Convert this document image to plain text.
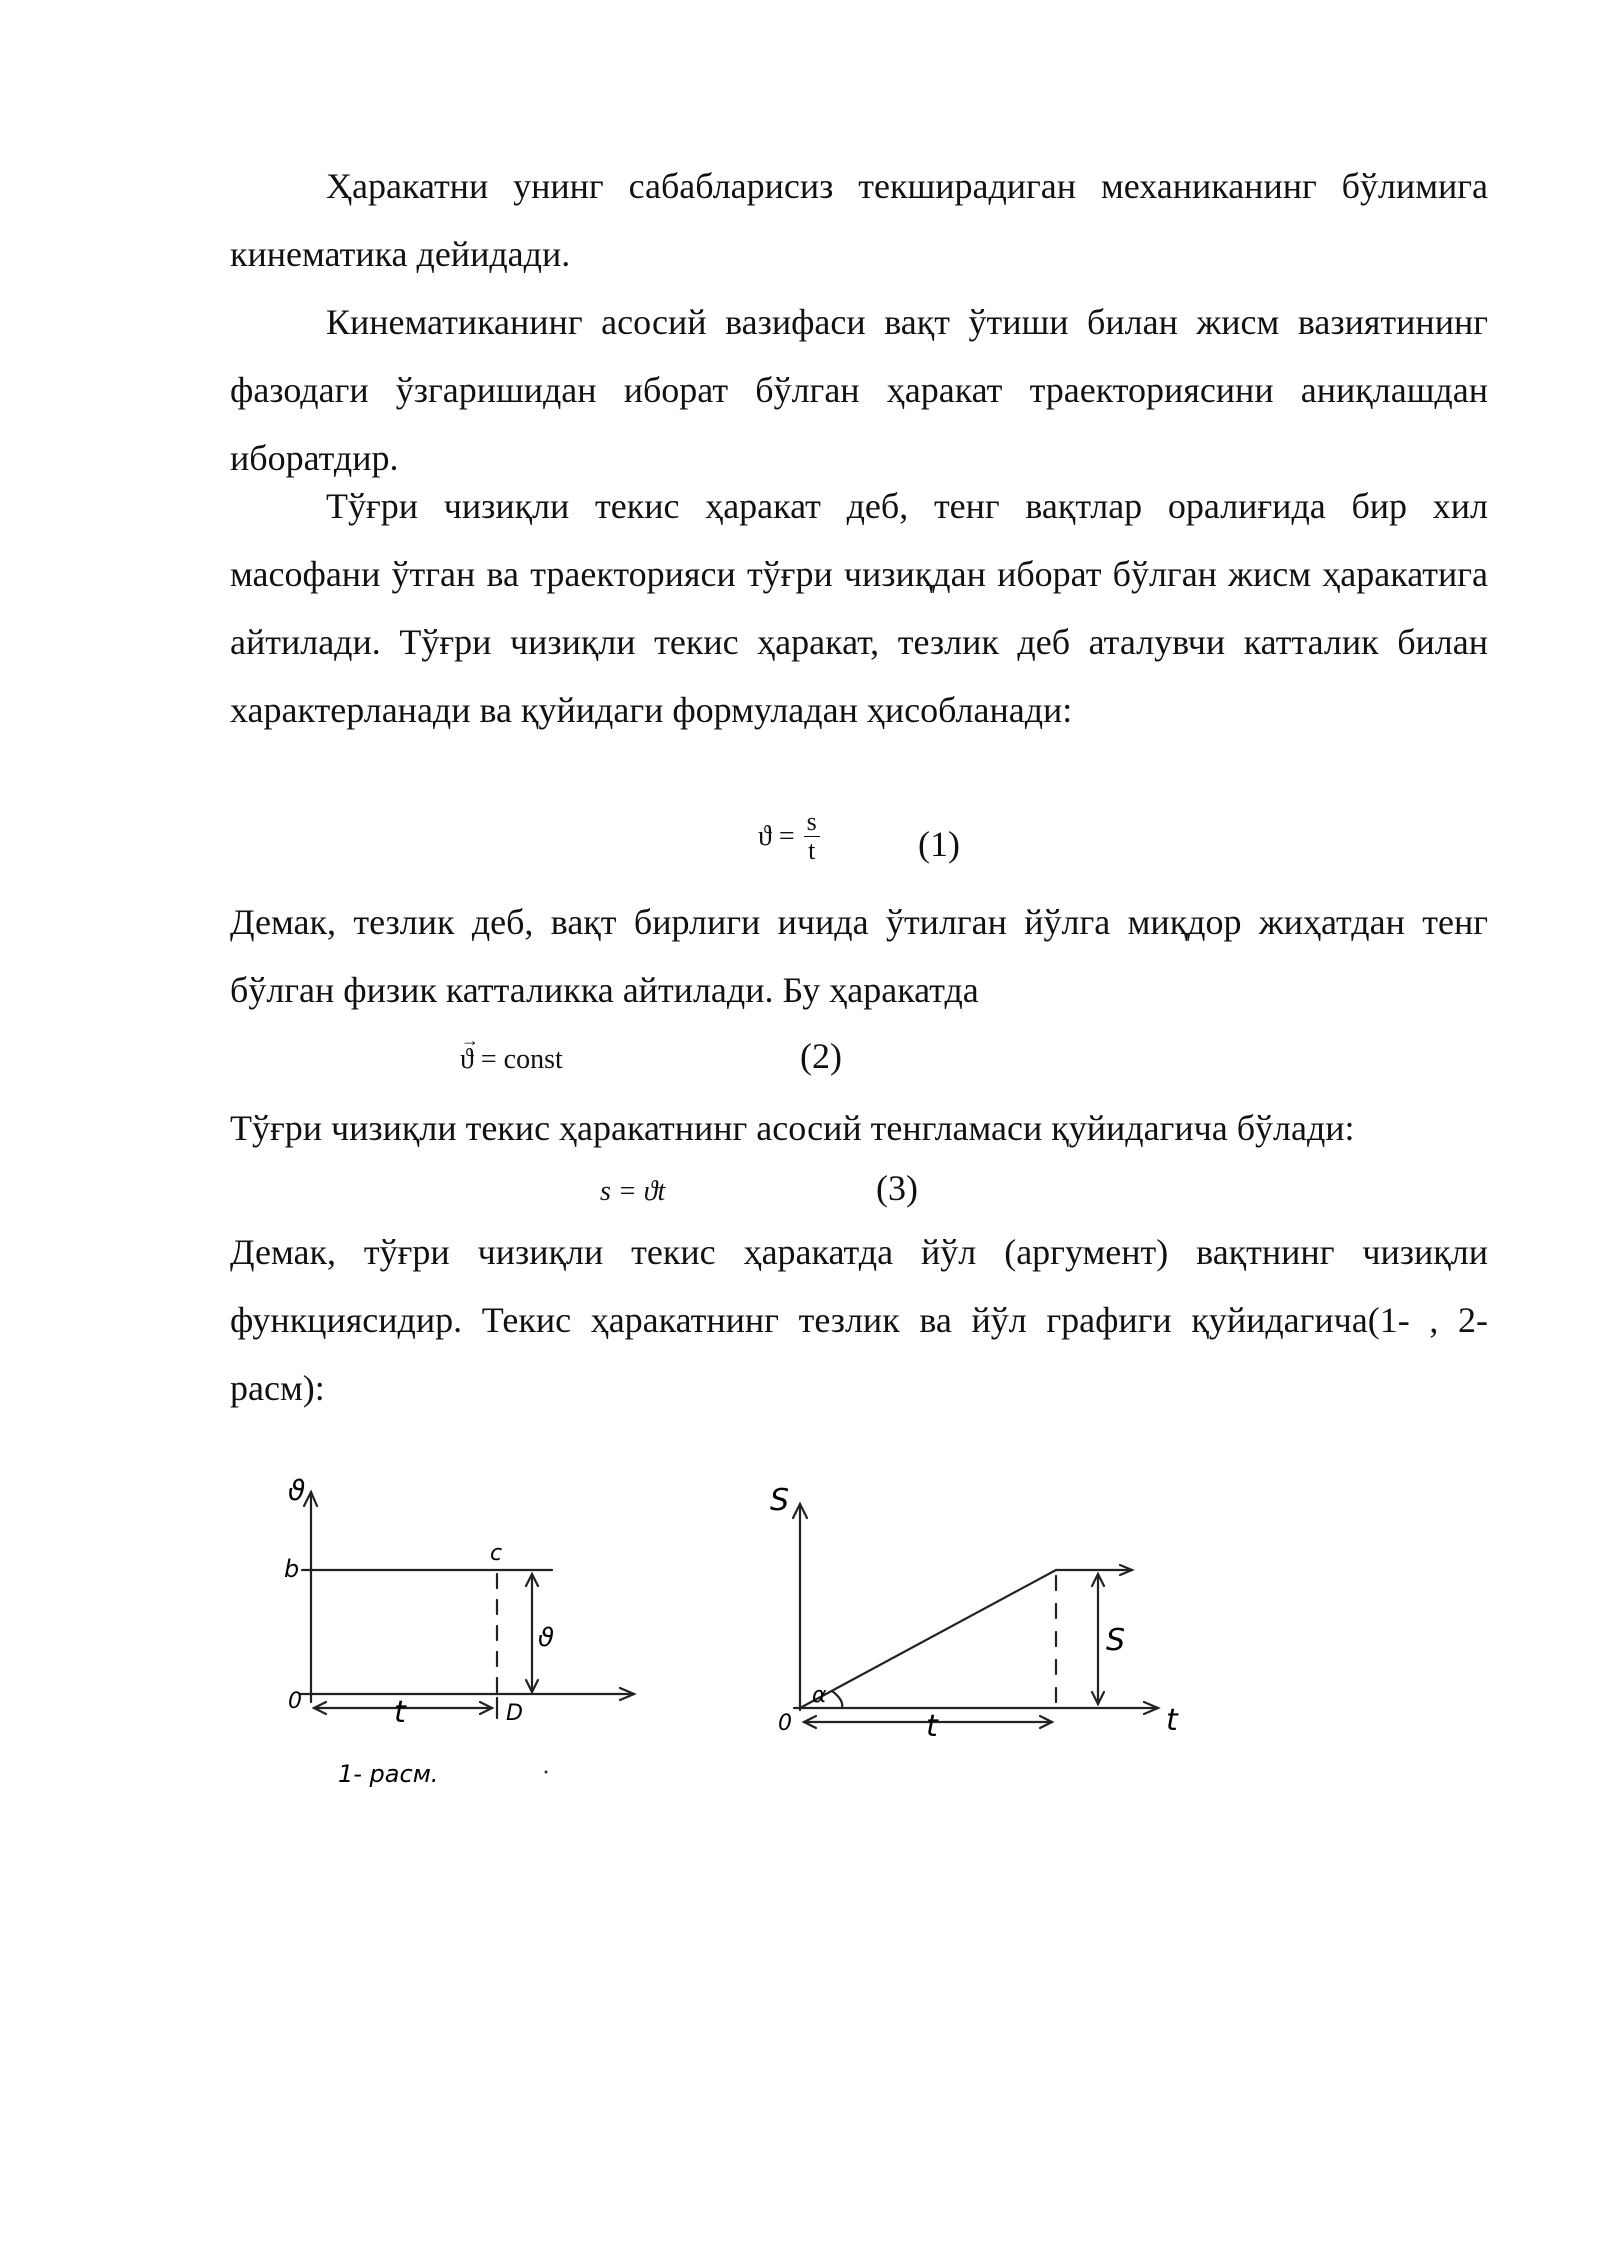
Ҳаракатни унинг сабабларисиз текширадиган механиканинг бўлимига кинематика дейидади.

Кинематиканинг асосий вазифаси вақт ўтиши билан жисм вазиятининг фазодаги ўзгаришидан иборат бўлган ҳаракат траекториясини аниқлашдан иборатдир.

Тўғри чизиқли текис ҳаракат деб, тенг вақтлар оралиғида бир хил масофани ўтган ва траекторияси тўғри чизиқдан иборат бўлган жисм ҳаракатига айтилади. Тўғри чизиқли текис ҳаракат, тезлик деб аталувчи катталик билан характерланади ва қуйидаги формуладан ҳисобланади:

$ϑ = \frac{s}{t}$	(1)

Демак, тезлик деб, вақт бирлиги ичида ўтилган йўлга миқдор жиҳатдан тенг бўлган физик катталикка айтилади. Бу ҳаракатда

→ ϑ = const	(2)

Тўғри чизиқли текис ҳаракатнинг асосий тенгламаси қуйидагича бўлади:

s = ϑt	(3)

Демак, тўғри чизиқли текис ҳаракатда йўл (аргумент) вақтнинг чизиқли функциясидир. Текис ҳаракатнинг тезлик ва йўл графиги қуйидагича(1- , 2- расм):

ϑ
b
c
ϑ
0	t	D
1- расм.
S
S
α
0	t	t
